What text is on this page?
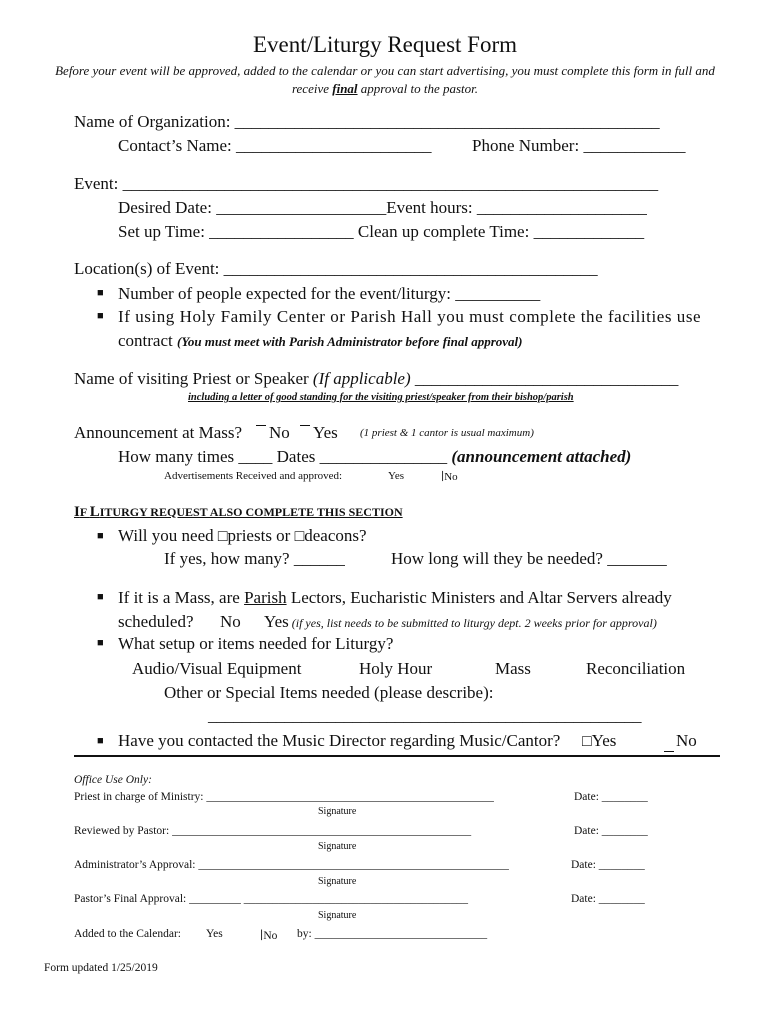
Event/Liturgy Request Form
Before your event will be approved, added to the calendar or you can start advertising, you must complete this form in full and receive final approval to the pastor.
Name of Organization: __________________________________________________
Contact’s Name: _______________________ Phone Number: ____________
Event: _______________________________________________________________
Desired Date: ____________________Event hours: ____________________
Set up Time: _________________ Clean up complete Time: _____________
Location(s) of Event: ____________________________________________
■ Number of people expected for the event/liturgy: __________
■ If using Holy Family Center or Parish Hall you must complete the facilities use
contract (You must meet with Parish Administrator before final approval)
Name of visiting Priest or Speaker (If applicable) _______________________________
including a letter of good standing for the visiting priest/speaker from their bishop/parish
Announcement at Mass?	No	Yes (1 priest & 1 cantor is usual maximum)
How many times ____ Dates _______________ (announcement attached)
Advertisements Received and approved:	Yes	∣No
IF LITURGY REQUEST ALSO COMPLETE THIS SECTION
■ Will you need □priests or □deacons?
If yes, how many? ______	How long will they be needed? _______
■ If it is a Mass, are Parish Lectors, Eucharistic Ministers and Altar Servers already
scheduled? No Yes (if yes, list needs to be submitted to liturgy dept. 2 weeks prior for approval)
■ What setup or items needed for Liturgy?
Audio/Visual Equipment	Holy Hour	Mass	Reconciliation
Other or Special Items needed (please describe):
___________________________________________________
■ Have you contacted the Music Director regarding Music/Cantor? □Yes	No
Office Use Only:
Priest in charge of Ministry: __________________________________________________	Date: ________
Signature
Reviewed by Pastor: ____________________________________________________	Date: ________
Signature
Administrator’s Approval: ______________________________________________________	Date: ________
Signature
Pastor’s Final Approval: _________ _______________________________________	Date: ________
Signature
Added to the Calendar: Yes	∣No by: ______________________________
Form updated 1/25/2019
